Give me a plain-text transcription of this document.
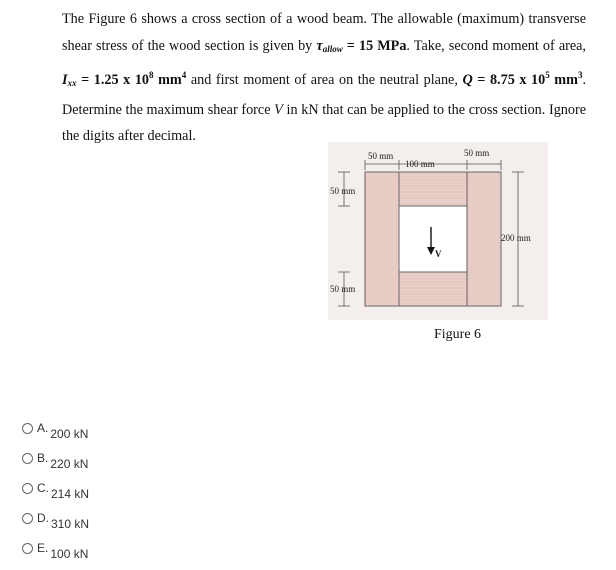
The Figure 6 shows a cross section of a wood beam. The allowable (maximum) transverse shear stress of the wood section is given by $\tau_{allow} = 15$ MPa. Take, second moment of area, $I_{xx} = 1.25$ x $10^8$ $mm^4$ and first moment of area on the neutral plane, Q = 8.75 x $10^5$ $mm^3$. Determine the maximum shear force V in kN that can be applied to the cross section. Ignore the digits after decimal.
50 mm
100 mm
50 mm
50 mm
50 mm
200 mm
V
Figure 6
A. 200 kN
B. 220 kN
C. 214 kN
D. 310 kN
E. 100 kN
